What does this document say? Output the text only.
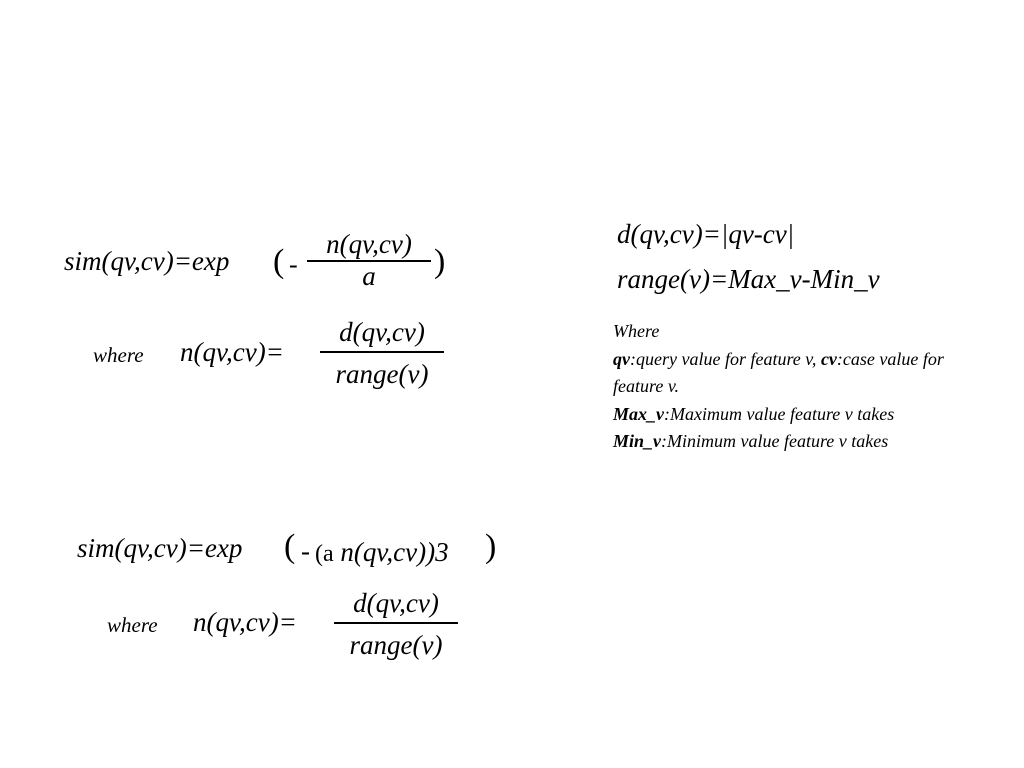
sim(qv,cv)=exp ( -
n(qv,cv)
a )
where n(qv,cv)=
d(qv,cv)
range(v)
d(qv,cv)=|qv-cv|
range(v)=Max_v-Min_v
Where
qv:query value for feature v, cv:case value for feature v.
Max_v:Maximum value feature v takes
Min_v:Minimum value feature v takes
sim(qv,cv)=exp ( - (a n(qv,cv))3 )
where n(qv,cv)=
d(qv,cv)
range(v)
